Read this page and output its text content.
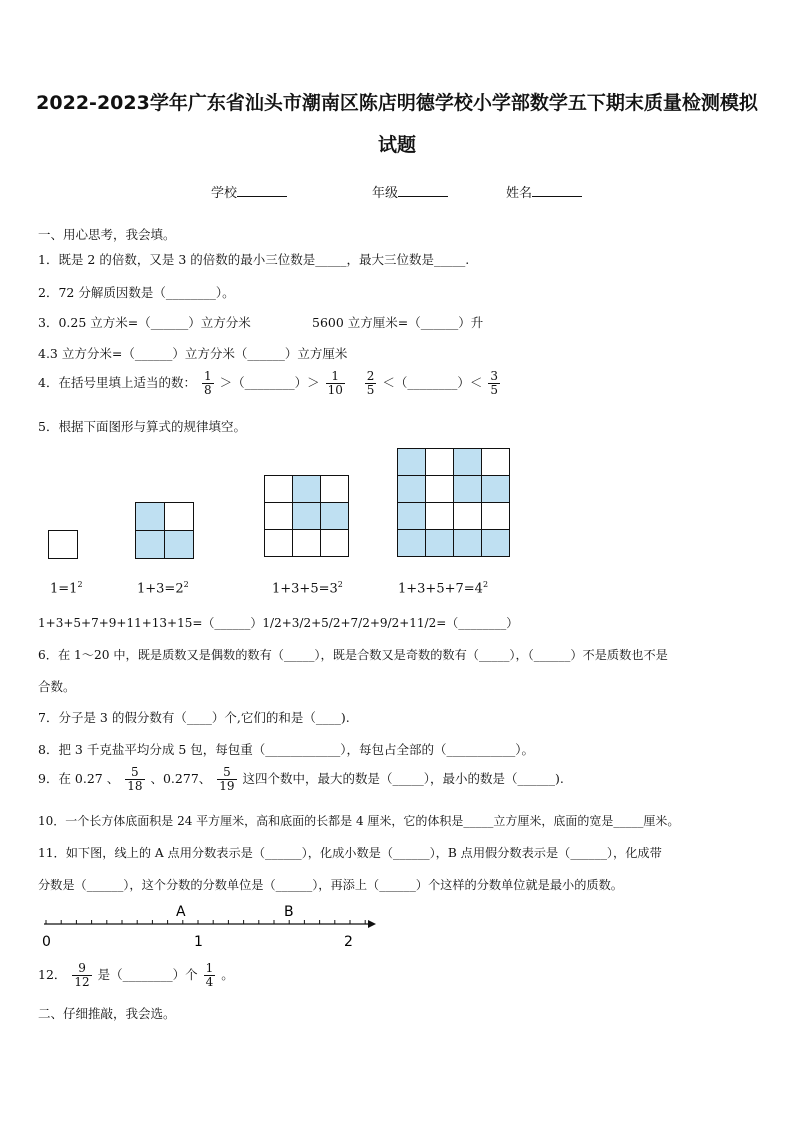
2022-2023学年广东省汕头市潮南区陈店明德学校小学部数学五下期末质量检测模拟
试题
学校	年级	姓名
一、用心思考，我会填。
1．既是 2 的倍数，又是 3 的倍数的最小三位数是_____，最大三位数是_____.
2．72 分解质因数是（________）。
3．0.25 立方米=（______）立方分米	5600 立方厘米=（______）升
4.3 立方分米=（______）立方分米（______）立方厘米
4．在括号里填上适当的数： $\frac{1}{8}$ ＞（________）＞ $\frac{1}{10}$
$\frac{2}{5}$ ＜（________）＜ $\frac{3}{5}$
5．根据下面图形与算式的规律填空。

$1=1^2$	$1+3=2^2$	$1+3+5=3^2$	$1+3+5+7=4^2$
1+3+5+7+9+11+13+15=（______）1/2+3/2+5/2+7/2+9/2+11/2=（________）
6．在 1～20 中，既是质数又是偶数的数有（_____），既是合数又是奇数的数有（_____），（______）不是质数也不是
合数。
7．分子是 3 的假分数有（____）个,它们的和是（____).
8．把 3 千克盐平均分成 5 包，每包重（____________），每包占全部的（___________）。
9．在 0.27 、 $\frac{5}{18}$ 、0.277、 $\frac{5}{19}$ 这四个数中，最大的数是（_____），最小的数是（______).
10．一个长方体底面积是 24 平方厘米，高和底面的长都是 4 厘米，它的体积是_____立方厘米，底面的宽是_____厘米。
11．如下图，线上的 A 点用分数表示是（______），化成小数是（______），B 点用假分数表示是（______），化成带
分数是（______），这个分数的分数单位是（______），再添上（______）个这样的分数单位就是最小的质数。
A	B
0	1	2
12． $\frac{9}{12}$ 是（________）个 $\frac{1}{4}$ 。
二、仔细推敲，我会选。
